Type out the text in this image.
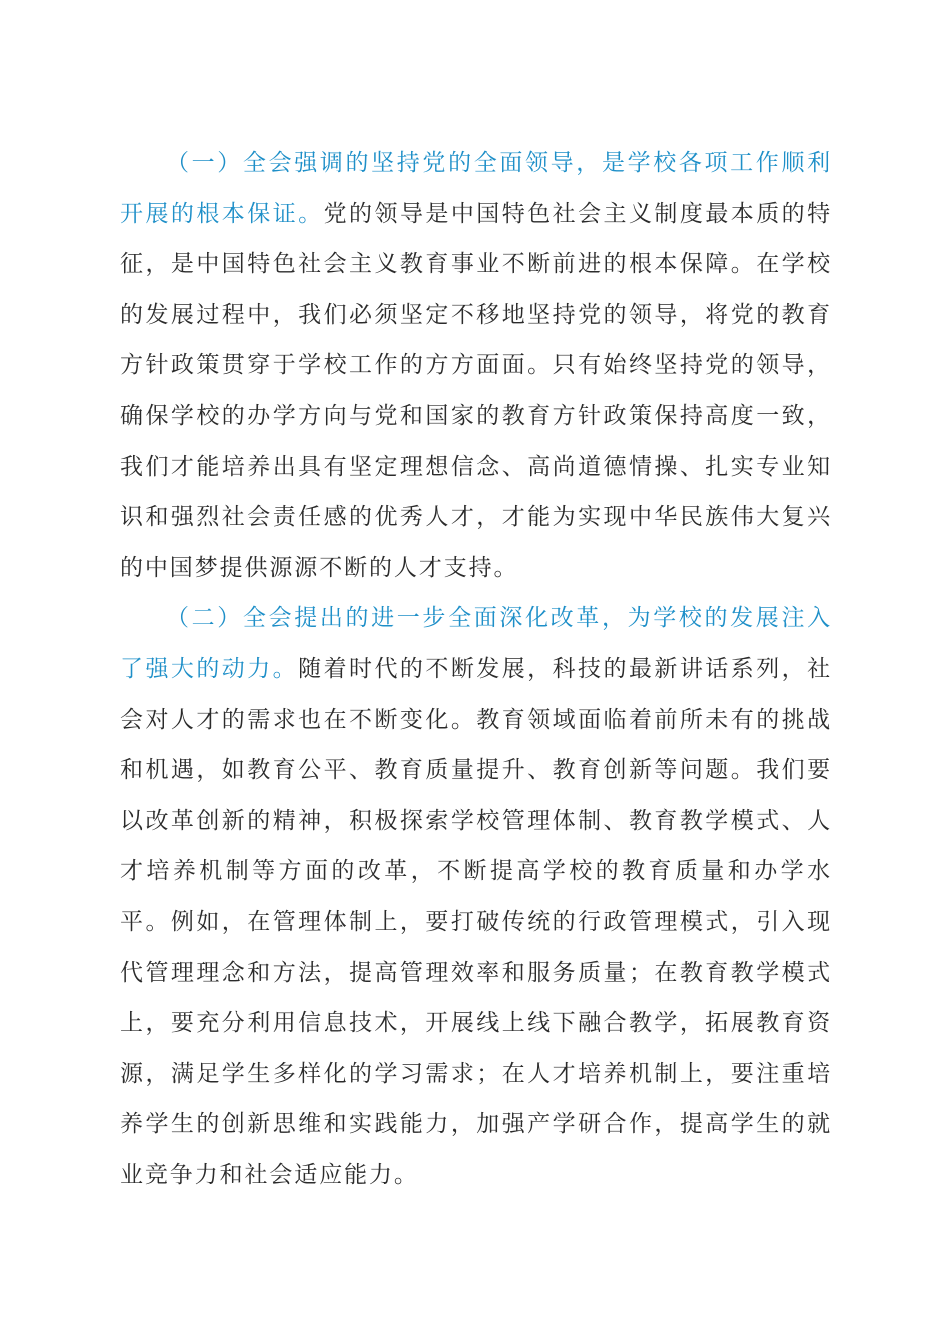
（一）全会强调的坚持党的全面领导，是学校各项工作顺利开展的根本保证。党的领导是中国特色社会主义制度最本质的特征，是中国特色社会主义教育事业不断前进的根本保障。在学校的发展过程中，我们必须坚定不移地坚持党的领导，将党的教育方针政策贯穿于学校工作的方方面面。只有始终坚持党的领导，确保学校的办学方向与党和国家的教育方针政策保持高度一致，我们才能培养出具有坚定理想信念、高尚道德情操、扎实专业知识和强烈社会责任感的优秀人才，才能为实现中华民族伟大复兴的中国梦提供源源不断的人才支持。

（二）全会提出的进一步全面深化改革，为学校的发展注入了强大的动力。随着时代的不断发展，科技的最新讲话系列，社会对人才的需求也在不断变化。教育领域面临着前所未有的挑战和机遇，如教育公平、教育质量提升、教育创新等问题。我们要以改革创新的精神，积极探索学校管理体制、教育教学模式、人才培养机制等方面的改革，不断提高学校的教育质量和办学水平。例如，在管理体制上，要打破传统的行政管理模式，引入现代管理理念和方法，提高管理效率和服务质量；在教育教学模式上，要充分利用信息技术，开展线上线下融合教学，拓展教育资源，满足学生多样化的学习需求；在人才培养机制上，要注重培养学生的创新思维和实践能力，加强产学研合作，提高学生的就业竞争力和社会适应能力。
